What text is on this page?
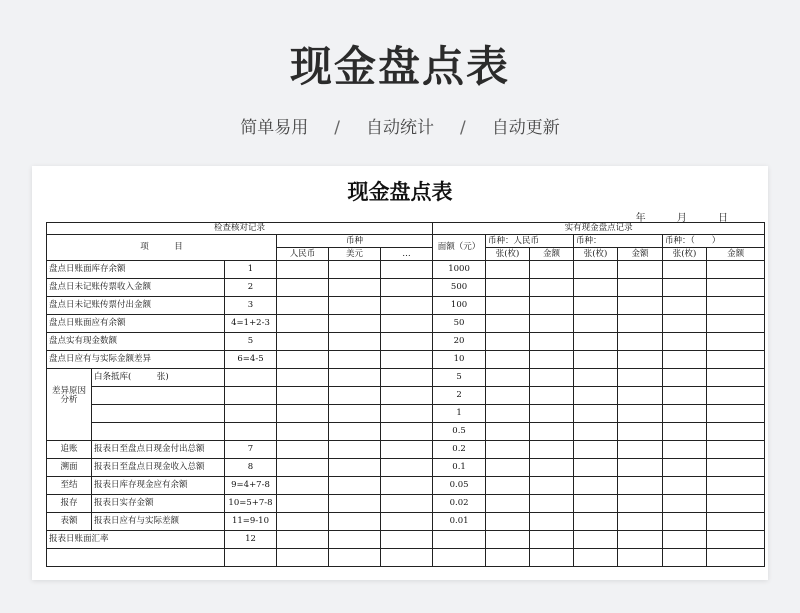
现金盘点表
简单易用 / 自动统计 / 自动更新
现金盘点表
年	月	日
检查核对记录						实有现金盘点记录						
项　　　目			币种			面额（元）	币种：人民币		币种：		币种：（　　）	
			人民币	美元	…		张(枚)	金额	张(枚)	金额	张(枚)	金额
盘点日账面库存余额		1				1000						
盘点日未记账传票收入金额		2				500						
盘点日未记账传票付出金额		3				100						
盘点日账面应有余额		4=1+2-3				50						
盘点实有现金数额		5				20						
盘点日应有与实际金额差异		6=4-5				10						

差异原因
分析	白条抵库(　　　张)					5						
						2						
						1						
						0.5						
追账	报表日至盘点日现金付出总额	7				0.2						
溯面	报表日至盘点日现金收入总额	8				0.1						
至结	报表日库存现金应有余额	9=4+7-8				0.05						
报存	报表日实存金额	10=5+7-8				0.02						
表额	报表日应有与实际差额	11=9-10				0.01						
报表日账面汇率		12										
